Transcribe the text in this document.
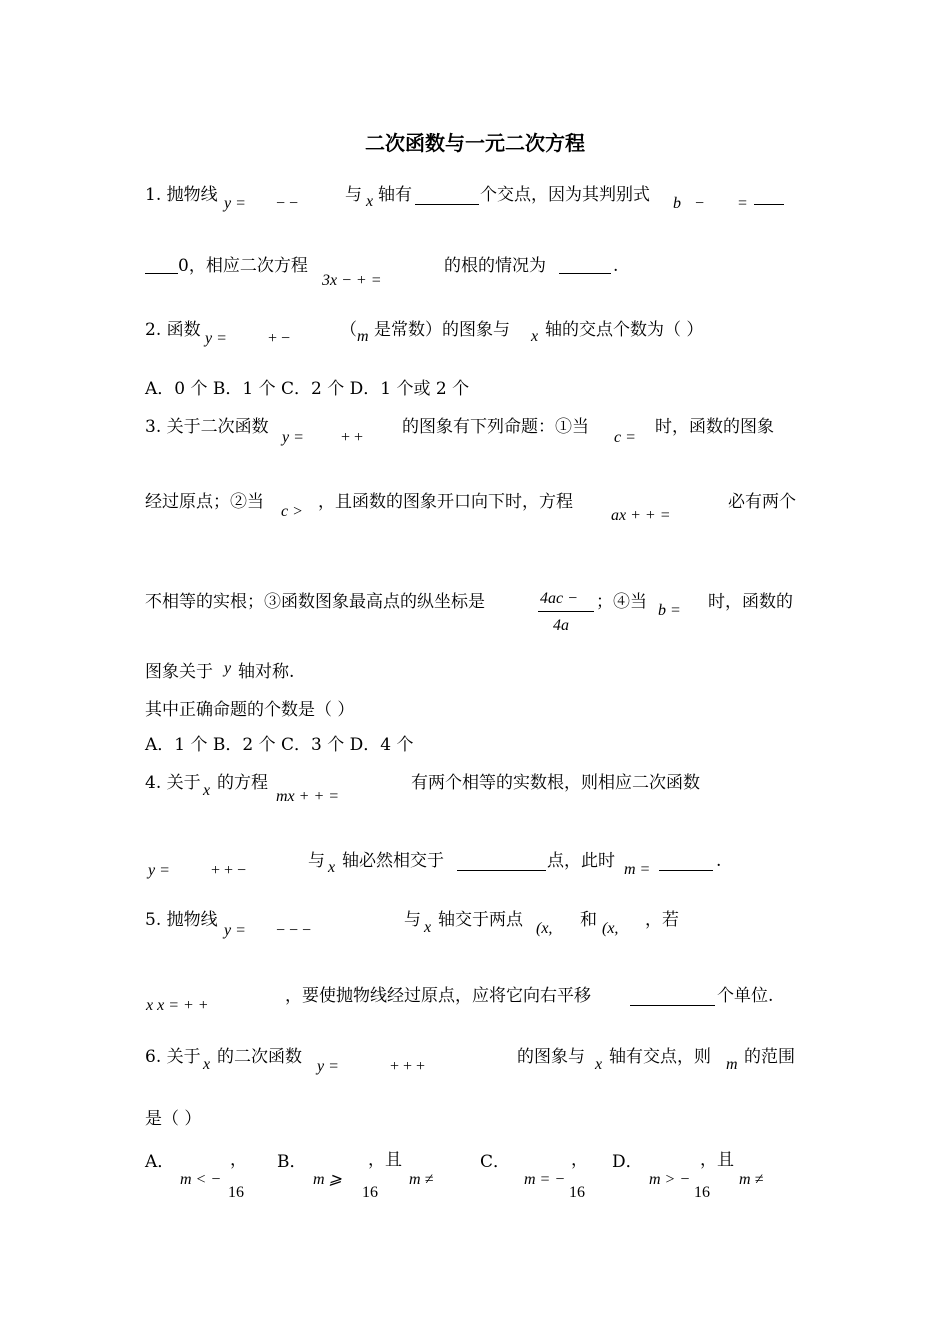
二次函数与一元二次方程
1. 抛物线 y = − −	与 x 轴有	个交点，因为其判别式 b − =
0，相应二次方程
3x − + =
的根的情况为	.
2. 函数 y =	+ −	（ m 是常数）的图象与 x 轴的交点个数为（ ）
A．0 个 B．1 个 C．2 个 D．1 个或 2 个
3. 关于二次函数
y = + +
的图象有下列命题：①当
c =
时，函数的图象
经过原点；②当 c > ，且函数的图象开口向下时，方程
ax + + =
必有两个
不相等的实根；③函数图象最高点的纵坐标是	4ac −
4a
；④当 b = 时，函数的
图象关于 y 轴对称.
其中正确命题的个数是（ ）
A．1 个 B．2 个 C．3 个 D．4 个
4. 关于 x 的方程
mx + + =
有两个相等的实数根，则相应二次函数
y =	+ + −	与 x 轴必然相交于	点，此时 m =	.
5. 抛物线
y = − − −
与 x 轴交于两点 (x, 和 (x, ，若
x x = + +	，要使抛物线经过原点，应将它向右平移	个单位.
6. 关于 x 的二次函数 y =	+ + +	的图象与 x 轴有交点，则 m 的范围
是（ ）
A．
m < −
，
16
B．
m ⩾
，且
16
m ≠
C．
m = −
，
16
D．
m > −
，且
16
m ≠
